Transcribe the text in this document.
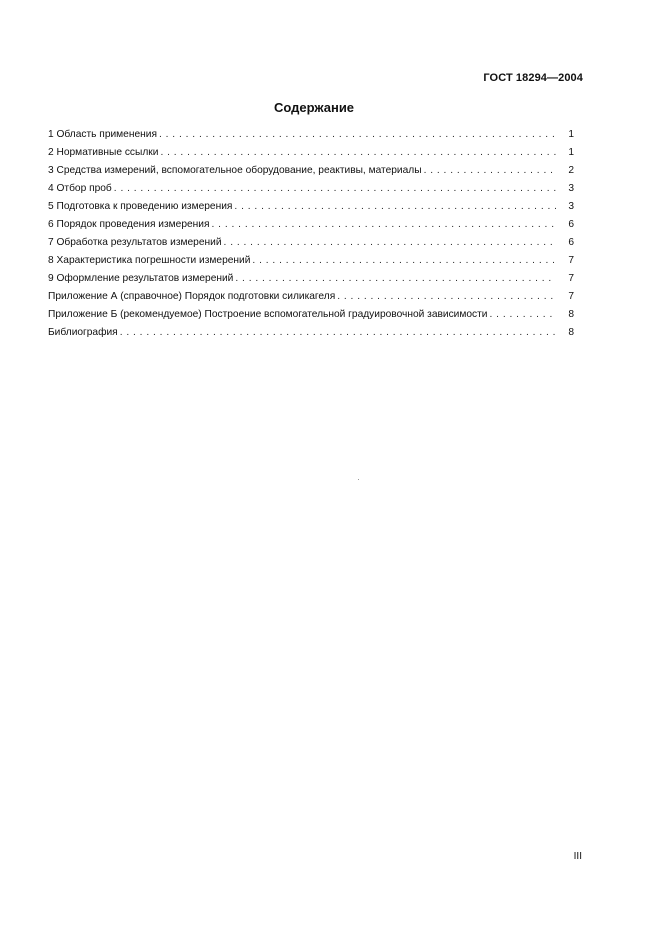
ГОСТ 18294—2004
Содержание
1 Область применения . . .	1
2 Нормативные ссылки . . .	1
3 Средства измерений, вспомогательное оборудование, реактивы, материалы . . .	2
4 Отбор проб . . .	3
5 Подготовка к проведению измерения . . .	3
6 Порядок проведения измерения . . .	6
7 Обработка результатов измерений . . .	6
8 Характеристика погрешности измерений . . .	7
9 Оформление результатов измерений . . .	7
Приложение А (справочное) Порядок подготовки силикагеля . . .	7
Приложение Б (рекомендуемое) Построение вспомогательной градуировочной зависимости . . .	8
Библиография . . .	8
III
